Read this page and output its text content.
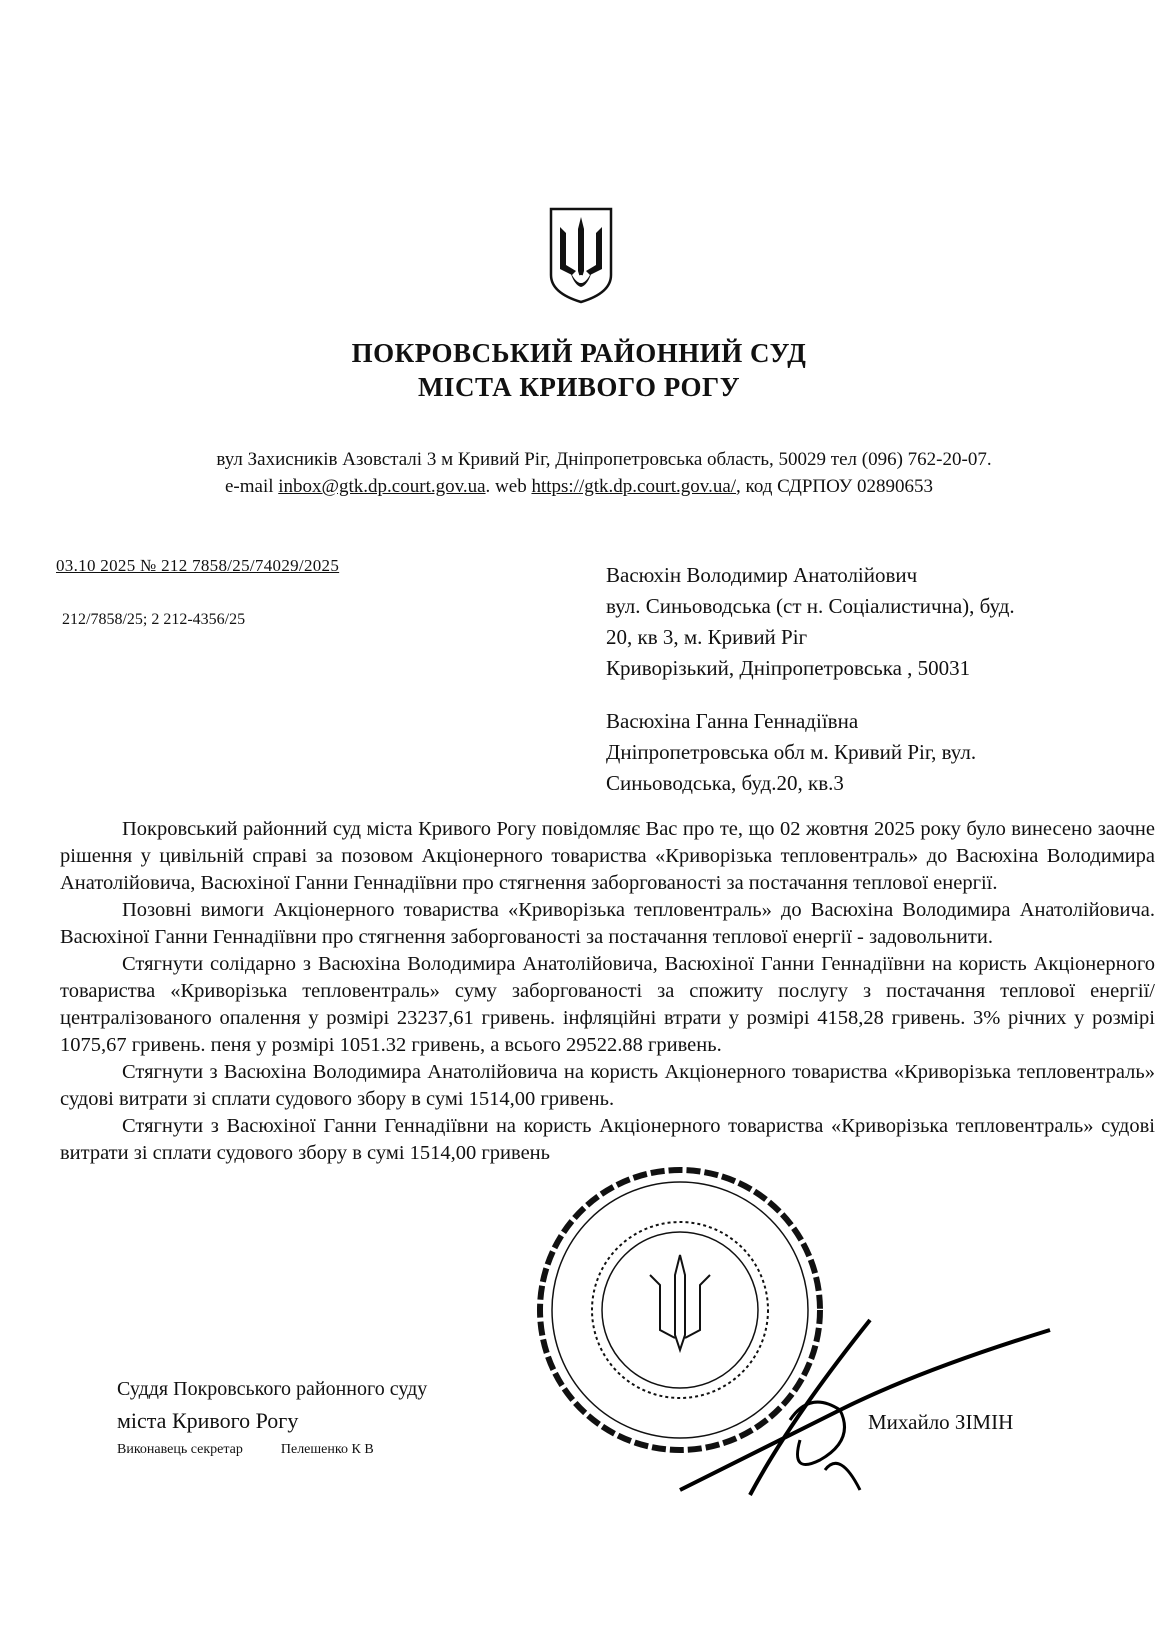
ПОКРОВСЬКИЙ РАЙОННИЙ СУД
МІСТА КРИВОГО РОГУ
вул Захисників Азовсталі 3 м Кривий Ріг, Дніпропетровська область, 50029 тел (096) 762-20-07.
e-mail inbox@gtk.dp.court.gov.ua. web https://gtk.dp.court.gov.ua/, код СДРПОУ 02890653
03.10 2025 № 212 7858/25/74029/2025
212/7858/25; 2 212-4356/25
Васюхін Володимир Анатолійович
вул. Синьоводська (ст н. Соціалистична), буд.
20, кв 3, м. Кривий Ріг
Криворізький, Дніпропетровська , 50031
Васюхіна Ганна Геннадіївна
Дніпропетровська обл м. Кривий Ріг, вул.
Синьоводська, буд.20, кв.3

Покровський районний суд міста Кривого Рогу повідомляє Вас про те, що 02 жовтня 2025 року було винесено заочне рішення у цивільній справі за позовом Акціонерного товариства «Криворізька тепловентраль» до Васюхіна Володимира Анатолійовича, Васюхіної Ганни Геннадіївни про стягнення заборгованості за постачання теплової енергії.

Позовні вимоги Акціонерного товариства «Криворізька тепловентраль» до Васюхіна Володимира Анатолійовича. Васюхіної Ганни Геннадіївни про стягнення заборгованості за постачання теплової енергії - задовольнити.

Стягнути солідарно з Васюхіна Володимира Анатолійовича, Васюхіної Ганни Геннадіївни на користь Акціонерного товариства «Криворізька тепловентраль» суму заборгованості за спожиту послугу з постачання теплової енергії/централізованого опалення у розмірі 23237,61 гривень. інфляційні втрати у розмірі 4158,28 гривень. 3% річних у розмірі 1075,67 гривень. пеня у розмірі 1051.32 гривень, а всього 29522.88 гривень.

Стягнути з Васюхіна Володимира Анатолійовича на користь Акціонерного товариства «Криворізька тепловентраль» судові витрати зі сплати судового збору в сумі 1514,00 гривень.

Стягнути з Васюхіної Ганни Геннадіївни на користь Акціонерного товариства «Криворізька тепловентраль» судові витрати зі сплати судового збору в сумі 1514,00 гривень

Суддя Покровського районного суду
міста Кривого Рогу
Виконавець секретар	Пелешенко К В
Михайло ЗІМІН
